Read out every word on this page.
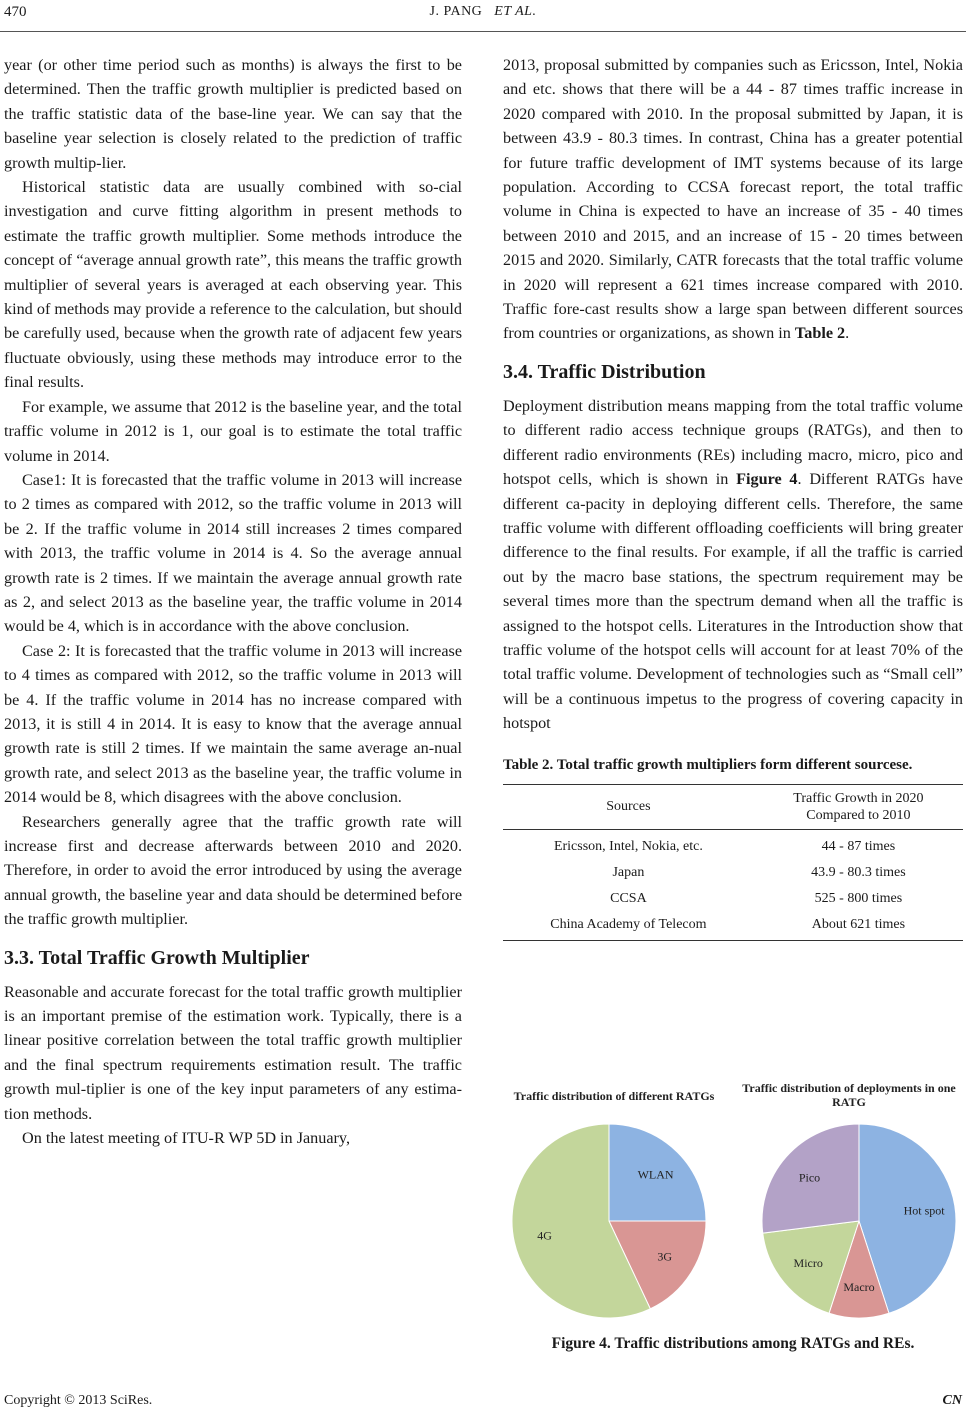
470	J. PANG ET AL.

year (or other time period such as months) is always the first to be determined. Then the traffic growth multiplier is predicted based on the traffic statistic data of the base-line year. We can say that the baseline year selection is closely related to the prediction of traffic growth multip-lier.

Historical statistic data are usually combined with so-cial investigation and curve fitting algorithm in present methods to estimate the traffic growth multiplier. Some methods introduce the concept of “average annual growth rate”, this means the traffic growth multiplier of several years is averaged at each observing year. This kind of methods may provide a reference to the calculation, but should be carefully used, because when the growth rate of adjacent few years fluctuate obviously, using these methods may introduce error to the final results.

For example, we assume that 2012 is the baseline year, and the total traffic volume in 2012 is 1, our goal is to estimate the total traffic volume in 2014.

Case1: It is forecasted that the traffic volume in 2013 will increase to 2 times as compared with 2012, so the traffic volume in 2013 will be 2. If the traffic volume in 2014 still increases 2 times compared with 2013, the traffic volume in 2014 is 4. So the average annual growth rate is 2 times. If we maintain the average annual growth rate as 2, and select 2013 as the baseline year, the traffic volume in 2014 would be 4, which is in accordance with the above conclusion.

Case 2: It is forecasted that the traffic volume in 2013 will increase to 4 times as compared with 2012, so the traffic volume in 2013 will be 4. If the traffic volume in 2014 has no increase compared with 2013, it is still 4 in 2014. It is easy to know that the average annual growth rate is still 2 times. If we maintain the same average an-nual growth rate, and select 2013 as the baseline year, the traffic volume in 2014 would be 8, which disagrees with the above conclusion.

Researchers generally agree that the traffic growth rate will increase first and decrease afterwards between 2010 and 2020. Therefore, in order to avoid the error introduced by using the average annual growth, the baseline year and data should be determined before the traffic growth multiplier.

3.3. Total Traffic Growth Multiplier

Reasonable and accurate forecast for the total traffic growth multiplier is an important premise of the estimation work. Typically, there is a linear positive correlation between the total traffic growth multiplier and the final spectrum requirements estimation result. The traffic growth mul-tiplier is one of the key input parameters of any estima-tion methods.

On the latest meeting of ITU-R WP 5D in January,

2013, proposal submitted by companies such as Ericsson, Intel, Nokia and etc. shows that there will be a 44 - 87 times traffic increase in 2020 compared with 2010. In the proposal submitted by Japan, it is between 43.9 - 80.3 times. In contrast, China has a greater potential for future traffic development of IMT systems because of its large population. According to CCSA forecast report, the total traffic volume in China is expected to have an increase of 35 - 40 times between 2010 and 2015, and an increase of 15 - 20 times between 2015 and 2020. Similarly, CATR forecasts that the total traffic volume in 2020 will represent a 621 times increase compared with 2010. Traffic fore-cast results show a large span between different sources from countries or organizations, as shown in Table 2.

3.4. Traffic Distribution

Deployment distribution means mapping from the total traffic volume to different radio access technique groups (RATGs), and then to different radio environments (REs) including macro, micro, pico and hotspot cells, which is shown in Figure 4. Different RATGs have different ca-pacity in deploying different cells. Therefore, the same traffic volume with different offloading coefficients will bring greater difference to the final results. For example, if all the traffic is carried out by the macro base stations, the spectrum requirement may be several times more than the spectrum demand when all the traffic is assigned to the hotspot cells. Literatures in the Introduction show that traffic volume of the hotspot cells will account for at least 70% of the total traffic volume. Development of technologies such as “Small cell” will be a continuous impetus to the progress of covering capacity in hotspot

Table 2. Total traffic growth multipliers form different sourcese.
Sources	Traffic Growth in 2020
Compared to 2010
Ericsson, Intel, Nokia, etc.	44 - 87 times
Japan	43.9 - 80.3 times
CCSA	525 - 800 times
China Academy of Telecom	About 621 times
Traffic distribution of different RATGs
Traffic distribution of deployments in one RATG
WLAN
3G
4G
Hot spot
Macro
Micro
Pico
Figure 4. Traffic distributions among RATGs and REs.
Copyright © 2013 SciRes.	CN
